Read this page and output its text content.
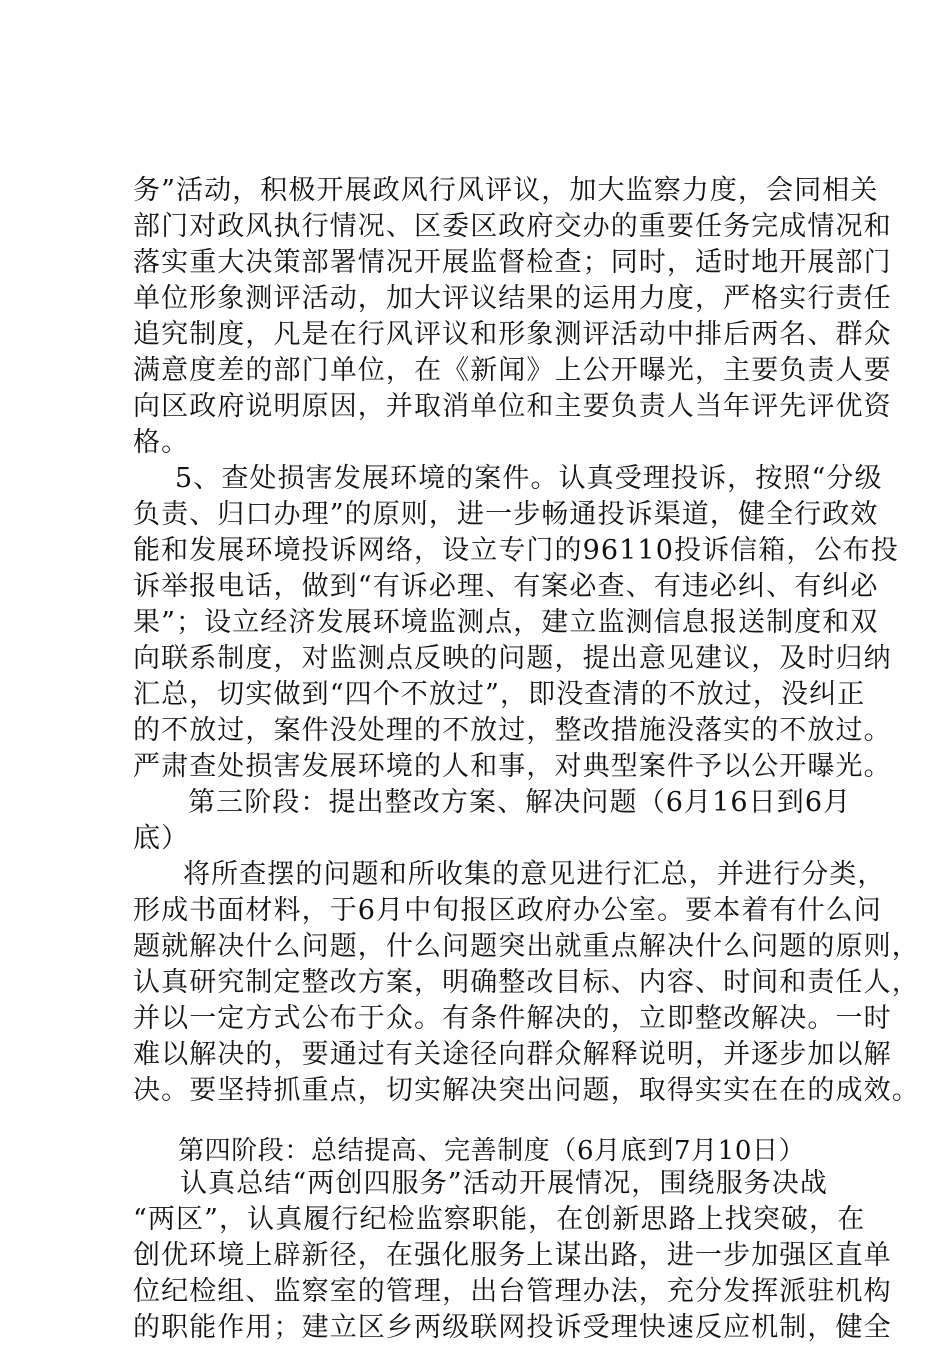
务”活动，积极开展政风行风评议，加大监察力度，会同相关
部门对政风执行情况、区委区政府交办的重要任务完成情况和
落实重大决策部署情况开展监督检查；同时，适时地开展部门
单位形象测评活动，加大评议结果的运用力度，严格实行责任
追究制度，凡是在行风评议和形象测评活动中排后两名、群众
满意度差的部门单位，在《新闻》上公开曝光，主要负责人要
向区政府说明原因，并取消单位和主要负责人当年评先评优资
格。
5、查处损害发展环境的案件。认真受理投诉，按照“分级
负责、归口办理”的原则，进一步畅通投诉渠道，健全行政效
能和发展环境投诉网络，设立专门的96110投诉信箱，公布投
诉举报电话，做到“有诉必理、有案必查、有违必纠、有纠必
果”；设立经济发展环境监测点，建立监测信息报送制度和双
向联系制度，对监测点反映的问题，提出意见建议，及时归纳
汇总，切实做到“四个不放过”，即没查清的不放过，没纠正
的不放过，案件没处理的不放过，整改措施没落实的不放过。
严肃查处损害发展环境的人和事，对典型案件予以公开曝光。
第三阶段：提出整改方案、解决问题（6月16日到6月
底）
将所查摆的问题和所收集的意见进行汇总，并进行分类，
形成书面材料，于6月中旬报区政府办公室。要本着有什么问
题就解决什么问题，什么问题突出就重点解决什么问题的原则，
认真研究制定整改方案，明确整改目标、内容、时间和责任人，
并以一定方式公布于众。有条件解决的，立即整改解决。一时
难以解决的，要通过有关途径向群众解释说明，并逐步加以解
决。要坚持抓重点，切实解决突出问题，取得实实在在的成效。
第四阶段：总结提高、完善制度（6月底到7月10日）
认真总结“两创四服务”活动开展情况，围绕服务决战
“两区”，认真履行纪检监察职能，在创新思路上找突破，在
创优环境上辟新径，在强化服务上谋出路，进一步加强区直单
位纪检组、监察室的管理，出台管理办法，充分发挥派驻机构
的职能作用；建立区乡两级联网投诉受理快速反应机制，健全
